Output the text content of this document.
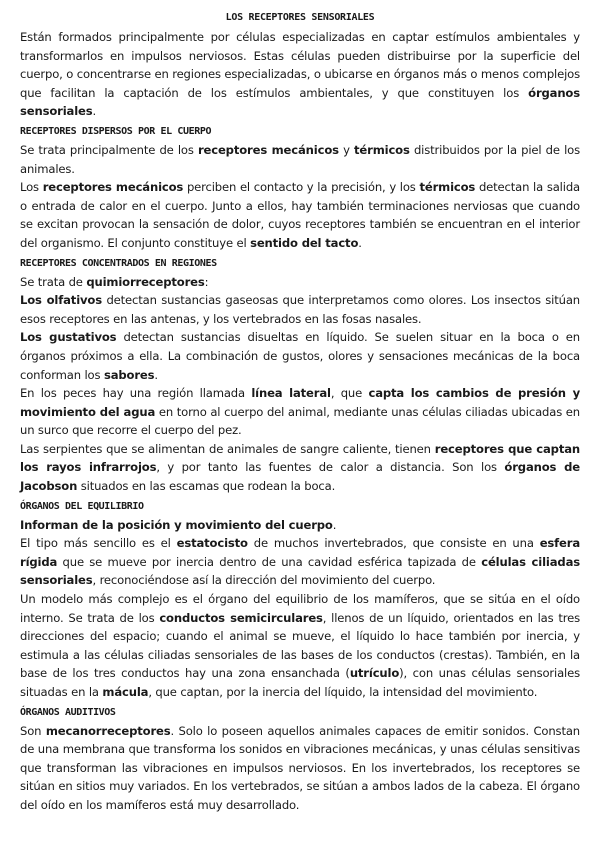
LOS RECEPTORES SENSORIALES

Están formados principalmente por células especializadas en captar estímulos ambientales y transformarlos en impulsos nerviosos. Estas células pueden distribuirse por la superficie del cuerpo, o concentrarse en regiones especializadas, o ubicarse en órganos más o menos complejos que facilitan la captación de los estímulos ambientales, y que constituyen los órganos sensoriales.

RECEPTORES DISPERSOS POR EL CUERPO

Se trata principalmente de los receptores mecánicos y térmicos distribuidos por la piel de los animales.

Los receptores mecánicos perciben el contacto y la precisión, y los térmicos detectan la salida o entrada de calor en el cuerpo. Junto a ellos, hay también terminaciones nerviosas que cuando se excitan provocan la sensación de dolor, cuyos receptores también se encuentran en el interior del organismo. El conjunto constituye el sentido del tacto.

RECEPTORES CONCENTRADOS EN REGIONES

Se trata de quimiorreceptores:

Los olfativos detectan sustancias gaseosas que interpretamos como olores. Los insectos sitúan esos receptores en las antenas, y los vertebrados en las fosas nasales.

Los gustativos detectan sustancias disueltas en líquido. Se suelen situar en la boca o en órganos próximos a ella. La combinación de gustos, olores y sensaciones mecánicas de la boca conforman los sabores.

En los peces hay una región llamada línea lateral, que capta los cambios de presión y movimiento del agua en torno al cuerpo del animal, mediante unas células ciliadas ubicadas en un surco que recorre el cuerpo del pez.

Las serpientes que se alimentan de animales de sangre caliente, tienen receptores que captan los rayos infrarrojos, y por tanto las fuentes de calor a distancia. Son los órganos de Jacobson situados en las escamas que rodean la boca.

ÓRGANOS DEL EQUILIBRIO

Informan de la posición y movimiento del cuerpo.

El tipo más sencillo es el estatocisto de muchos invertebrados, que consiste en una esfera rígida que se mueve por inercia dentro de una cavidad esférica tapizada de células ciliadas sensoriales, reconociéndose así la dirección del movimiento del cuerpo.

Un modelo más complejo es el órgano del equilibrio de los mamíferos, que se sitúa en el oído interno. Se trata de los conductos semicirculares, llenos de un líquido, orientados en las tres direcciones del espacio; cuando el animal se mueve, el líquido lo hace también por inercia, y estimula a las células ciliadas sensoriales de las bases de los conductos (crestas). También, en la base de los tres conductos hay una zona ensanchada (utrículo), con unas células sensoriales situadas en la mácula, que captan, por la inercia del líquido, la intensidad del movimiento.

ÓRGANOS AUDITIVOS

Son mecanorreceptores. Solo lo poseen aquellos animales capaces de emitir sonidos. Constan de una membrana que transforma los sonidos en vibraciones mecánicas, y unas células sensitivas que transforman las vibraciones en impulsos nerviosos. En los invertebrados, los receptores se sitúan en sitios muy variados. En los vertebrados, se sitúan a ambos lados de la cabeza. El órgano del oído en los mamíferos está muy desarrollado.
